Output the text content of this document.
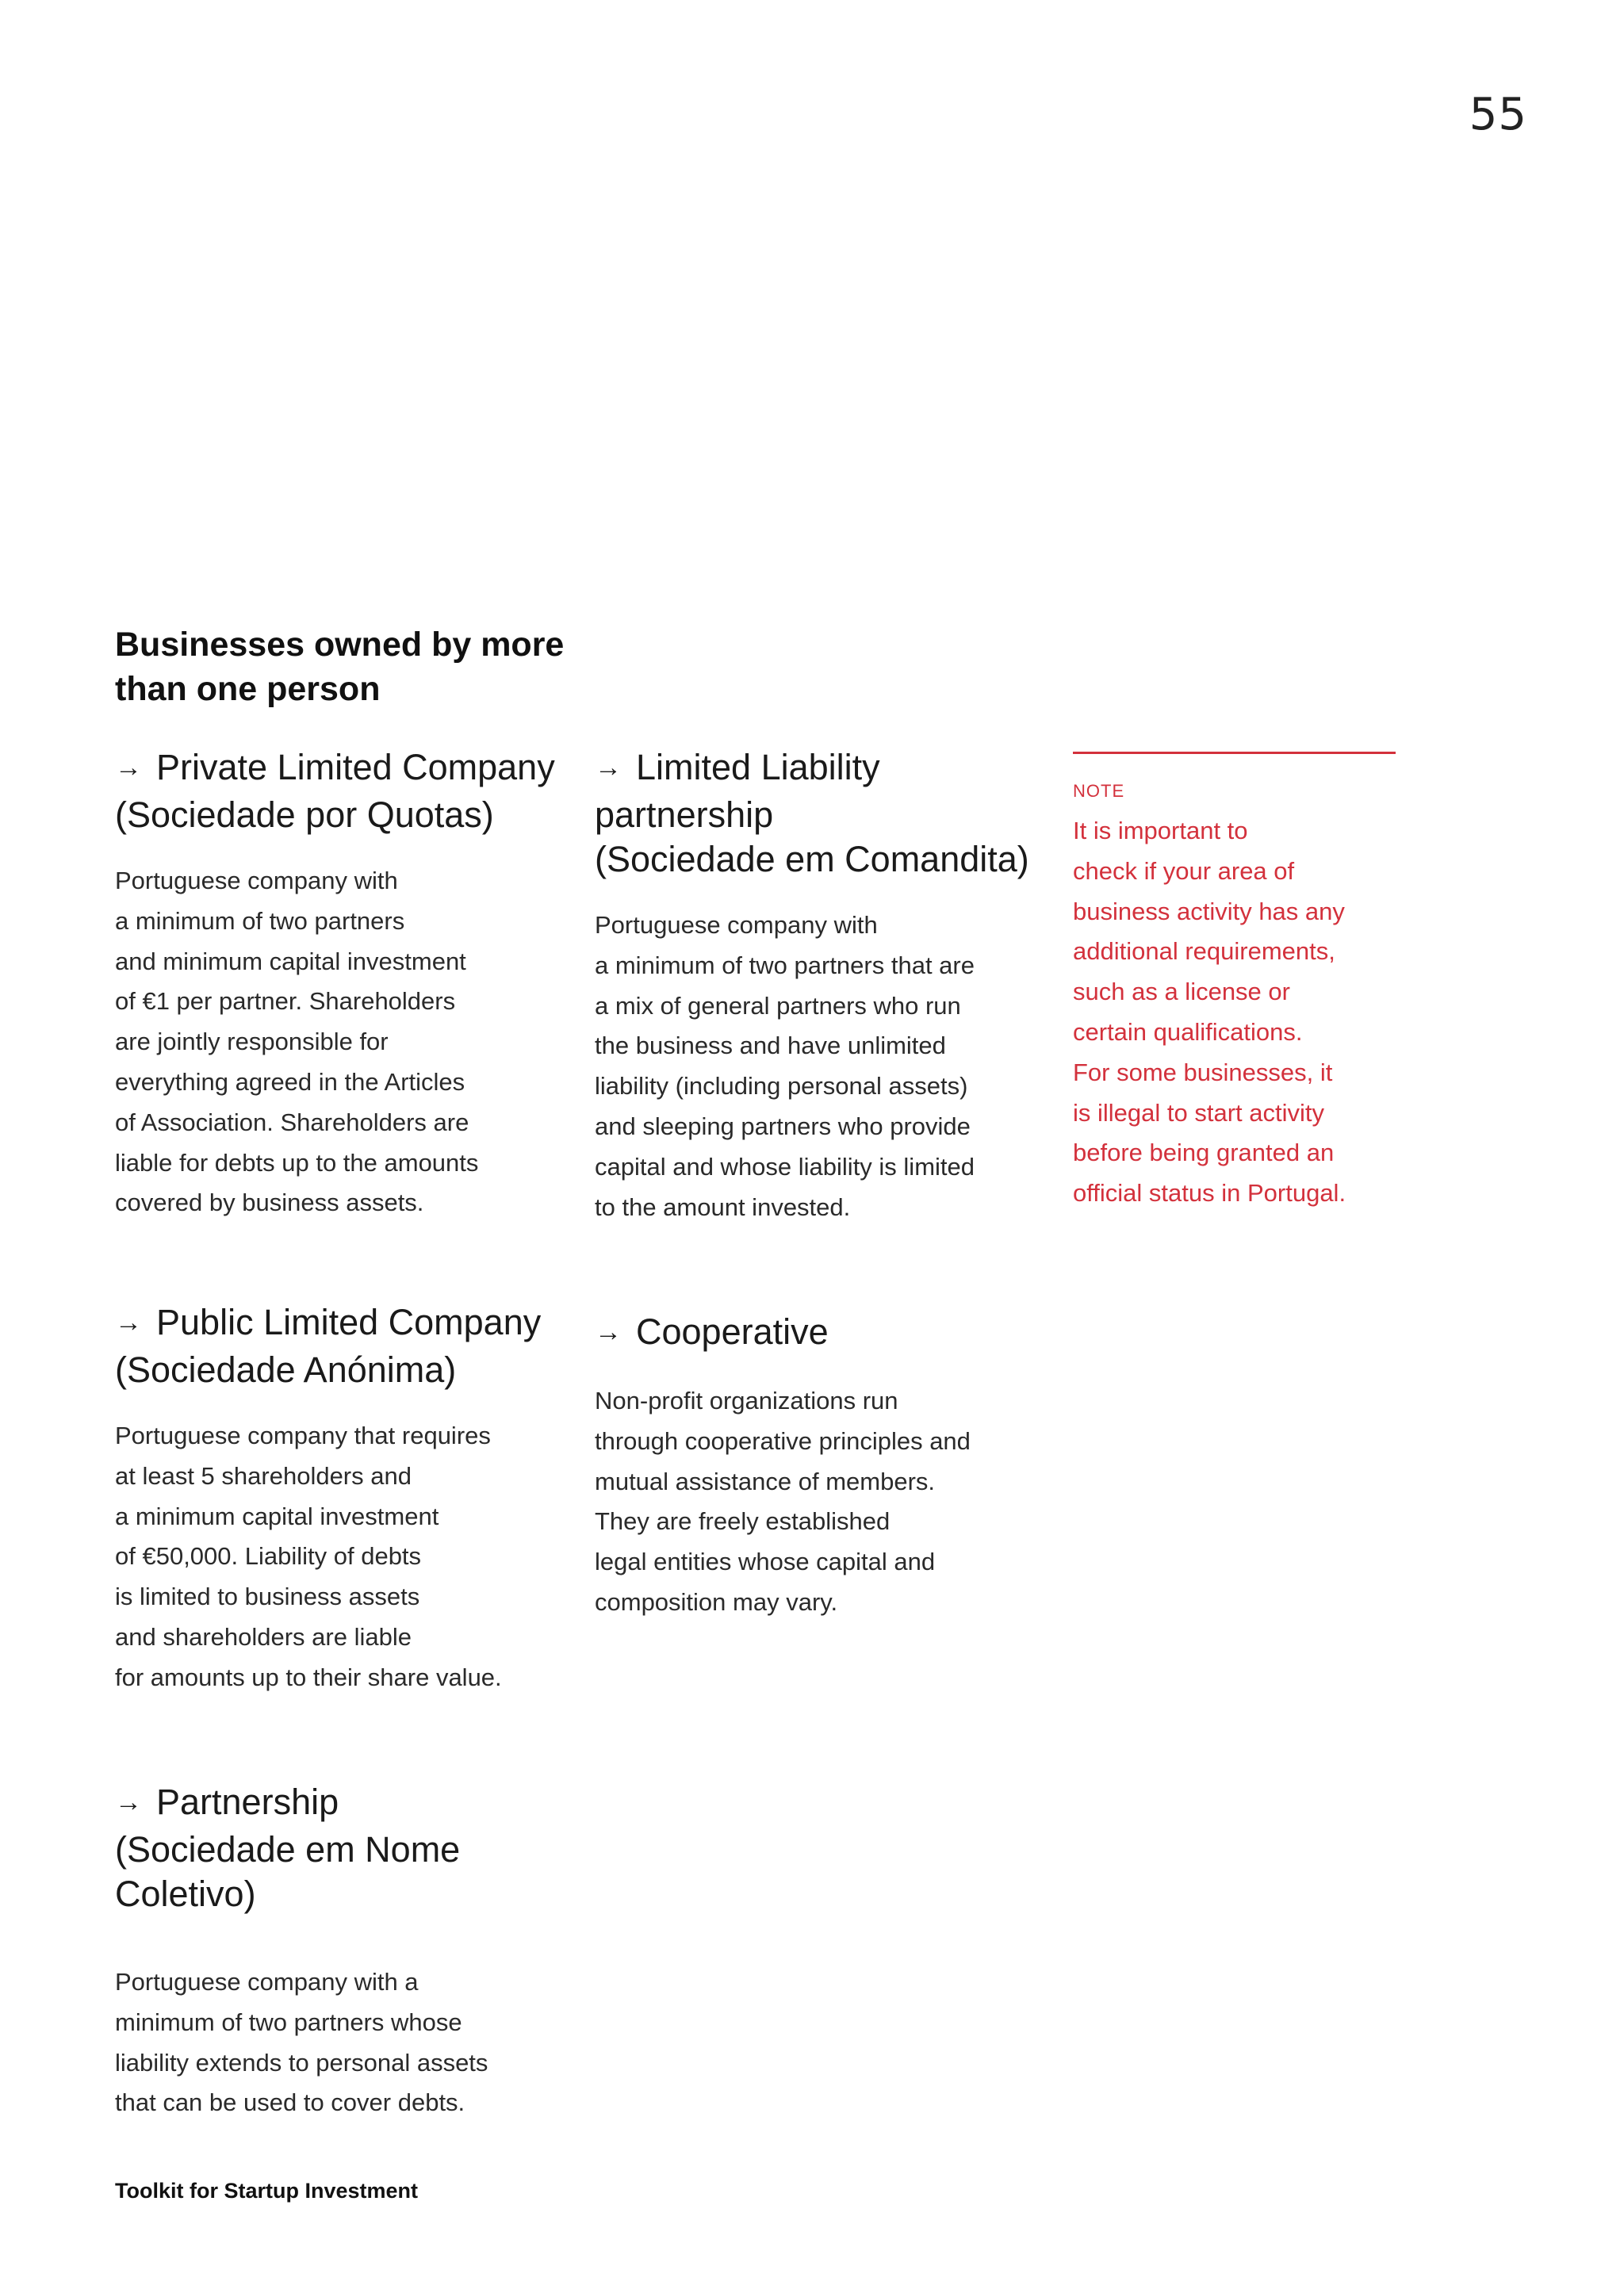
55
Businesses owned by more
than one person
→ Private Limited Company
(Sociedade por Quotas)

Portuguese company with
a minimum of two partners
and minimum capital investment
of €1 per partner. Shareholders
are jointly responsible for
everything agreed in the Articles
of Association. Shareholders are
liable for debts up to the amounts
covered by business assets.

→ Limited Liability
partnership
(Sociedade em Comandita)

Portuguese company with
a minimum of two partners that are
a mix of general partners who run
the business and have unlimited
liability (including personal assets)
and sleeping partners who provide
capital and whose liability is limited
to the amount invested.

NOTE
It is important to
check if your area of
business activity has any
additional requirements,
such as a license or
certain qualifications.
For some businesses, it
is illegal to start activity
before being granted an
official status in Portugal.
→ Public Limited Company
(Sociedade Anónima)

Portuguese company that requires
at least 5 shareholders and
a minimum capital investment
of €50,000. Liability of debts
is limited to business assets
and shareholders are liable
for amounts up to their share value.

→ Cooperative

Non-profit organizations run
through cooperative principles and
mutual assistance of members.
They are freely established
legal entities whose capital and
composition may vary.

→ Partnership
(Sociedade em Nome
Coletivo)

Portuguese company with a
minimum of two partners whose
liability extends to personal assets
that can be used to cover debts.

Toolkit for Startup Investment
